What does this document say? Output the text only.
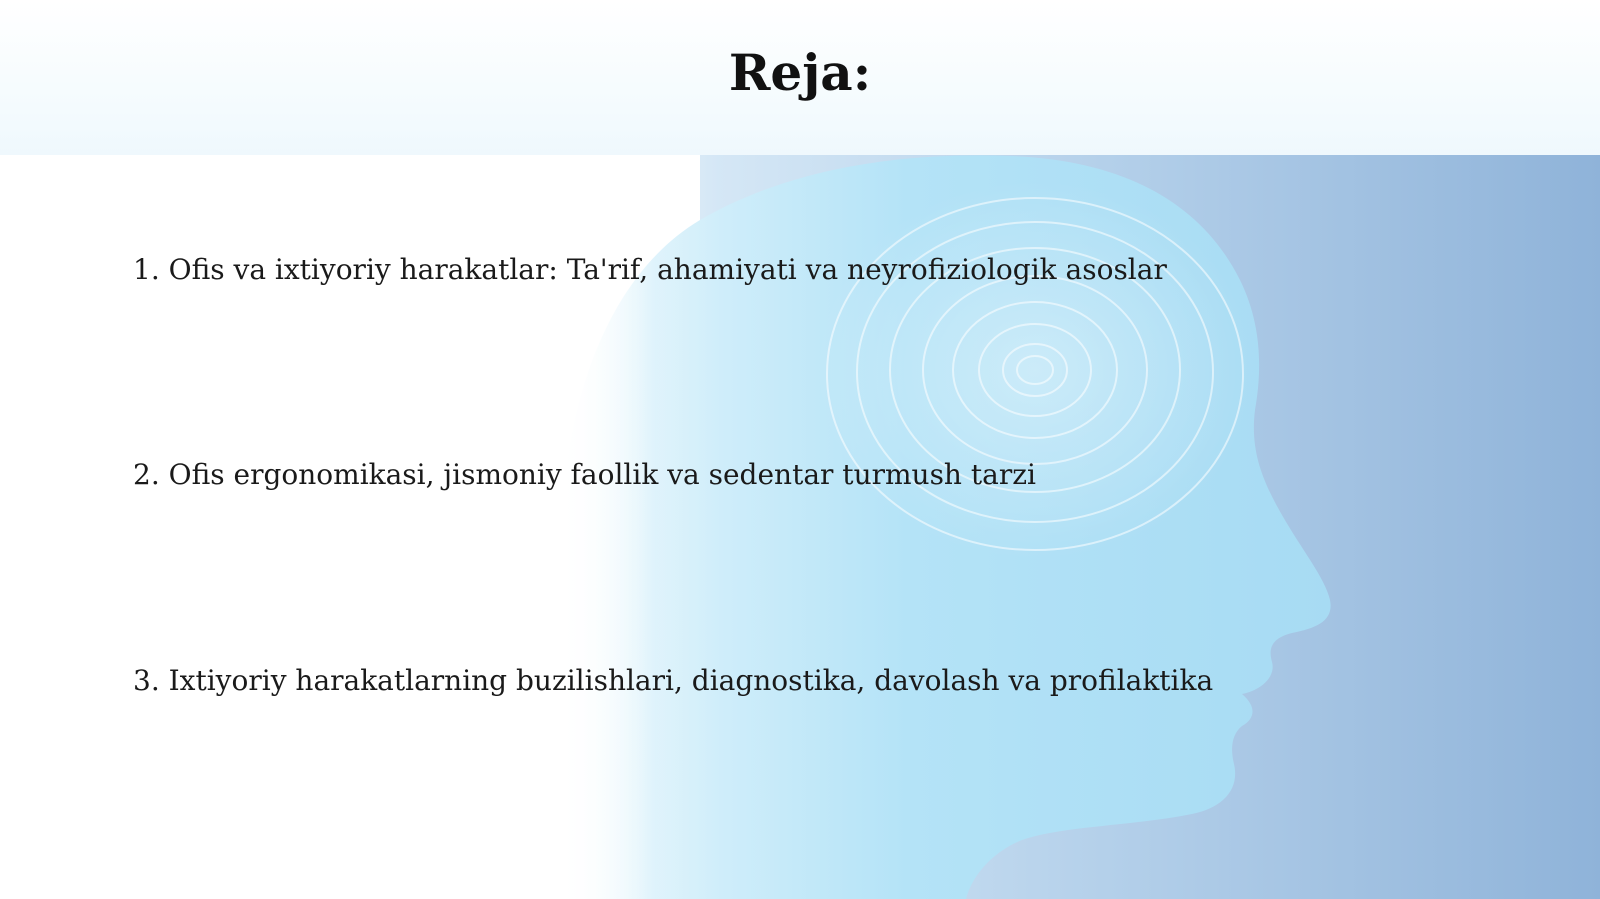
Reja:

1. Ofis va ixtiyoriy harakatlar: Ta'rif, ahamiyati va neyrofiziologik asoslar

2. Ofis ergonomikasi, jismoniy faollik va sedentar turmush tarzi

3. Ixtiyoriy harakatlarning buzilishlari, diagnostika, davolash va profilaktika
